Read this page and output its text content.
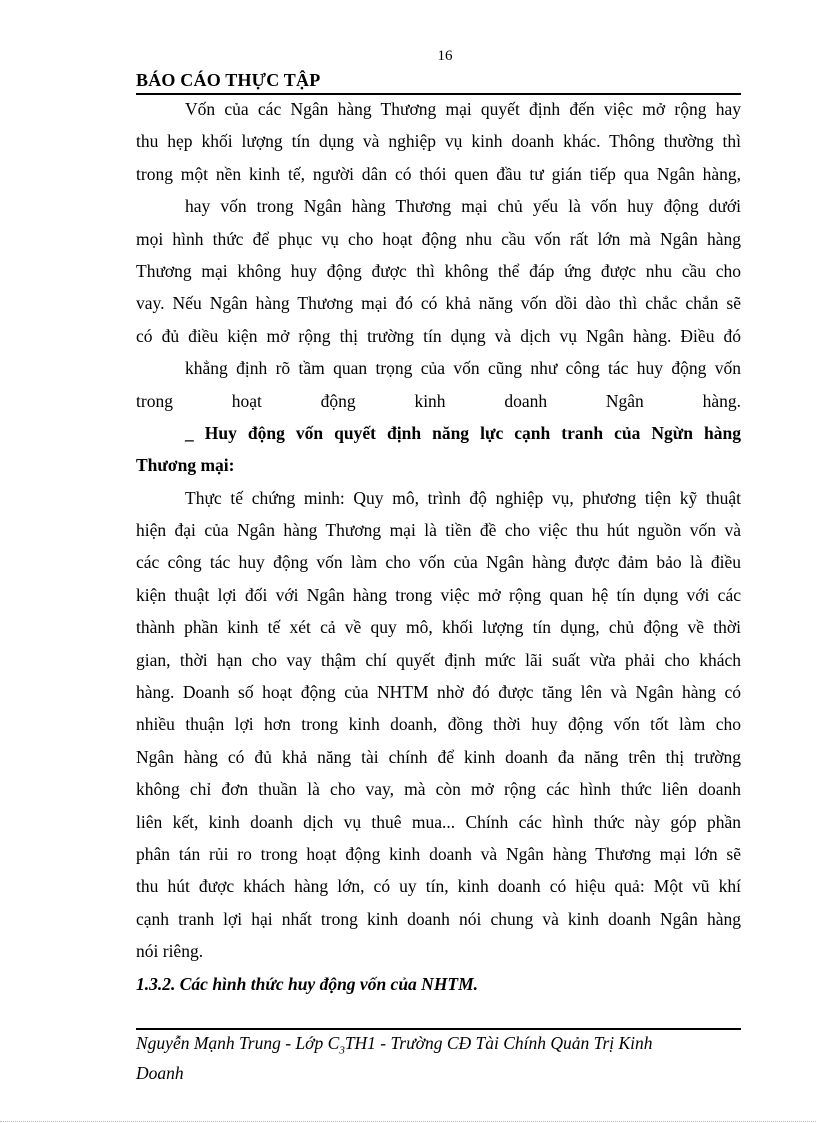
16
BÁO CÁO THỰC TẬP
Vốn của các Ngân hàng Thương mại quyết định đến việc mở rộng hay
thu hẹp khối lượng tín dụng và nghiệp vụ kinh doanh khác. Thông thường thì
trong một nền kinh tế, người dân có thói quen đầu tư gián tiếp qua Ngân hàng,
hay vốn trong Ngân hàng Thương mại chủ yếu là vốn huy động dưới
mọi hình thức để phục vụ cho hoạt động nhu cầu vốn rất lớn mà Ngân hàng
Thương mại không huy động được thì không thể đáp ứng được nhu cầu cho
vay. Nếu Ngân hàng Thương mại đó có khả năng vốn dồi dào thì chắc chắn sẽ
có đủ điều kiện mở rộng thị trường tín dụng và dịch vụ Ngân hàng. Điều đó
khẳng định rõ tầm quan trọng của vốn cũng như công tác huy động vốn
trong hoạt động kinh doanh Ngân hàng.
_ Huy động vốn quyết định năng lực cạnh tranh của Ngừn hàng
Thương mại:
Thực tế chứng minh: Quy mô, trình độ nghiệp vụ, phương tiện kỹ thuật
hiện đại của Ngân hàng Thương mại là tiền đề cho việc thu hút nguồn vốn và
các công tác huy động vốn làm cho vốn của Ngân hàng được đảm bảo là điều
kiện thuật lợi đối với Ngân hàng trong việc mở rộng quan hệ tín dụng với các
thành phần kinh tế xét cả về quy mô, khối lượng tín dụng, chủ động về thời
gian, thời hạn cho vay thậm chí quyết định mức lãi suất vừa phải cho khách
hàng. Doanh số hoạt động của NHTM nhờ đó được tăng lên và Ngân hàng có
nhiều thuận lợi hơn trong kinh doanh, đồng thời huy động vốn tốt làm cho
Ngân hàng có đủ khả năng tài chính để kinh doanh đa năng trên thị trường
không chỉ đơn thuần là cho vay, mà còn mở rộng các hình thức liên doanh
liên kết, kinh doanh dịch vụ thuê mua... Chính các hình thức này góp phần
phân tán rủi ro trong hoạt động kinh doanh và Ngân hàng Thương mại lớn sẽ
thu hút được khách hàng lớn, có uy tín, kinh doanh có hiệu quả: Một vũ khí
cạnh tranh lợi hại nhất trong kinh doanh nói chung và kinh doanh Ngân hàng
nói riêng.
1.3.2. Các hình thức huy động vốn của NHTM.
Nguyễn Mạnh Trung - Lớp $C_3TH1$ - Trường CĐ Tài Chính Quản Trị Kinh
Doanh
